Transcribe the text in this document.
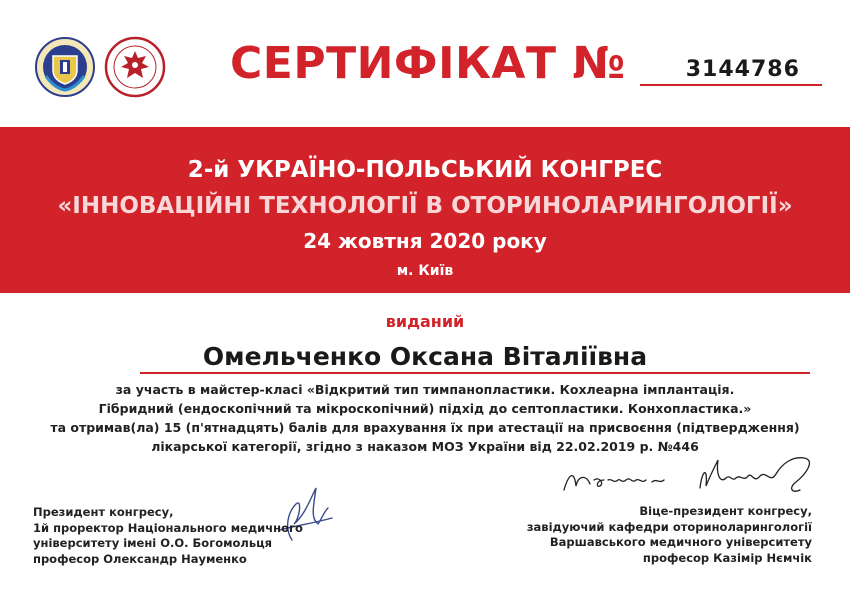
СЕРТИФІКАТ №	3144786
2-й УКРАЇНО-ПОЛЬСЬКИЙ КОНГРЕС
«ІННОВАЦІЙНІ ТЕХНОЛОГІЇ В ОТОРИНОЛАРИНГОЛОГІЇ»
24 жовтня 2020 року
м. Київ
виданий
Омельченко Оксана Віталіївна
за участь в майстер-класі «Відкритий тип тимпанопластики. Кохлеарна імплантація.
Гібридний (ендоскопічний та мікроскопічний) підхід до септопластики. Конхопластика.»
та отримав(ла) 15 (п'ятнадцять) балів для врахування їх при атестації на присвоєння (підтвердження)
лікарської категорії, згідно з наказом МОЗ України від 22.02.2019 р. №446
Президент конгресу,
1й проректор Національного медичного
університету імені О.О. Богомольця
професор Олександр Науменко
Віце-президент конгресу,
завідуючий кафедри оториноларингології
Варшавського медичного університету
професор Казімір Нємчік
